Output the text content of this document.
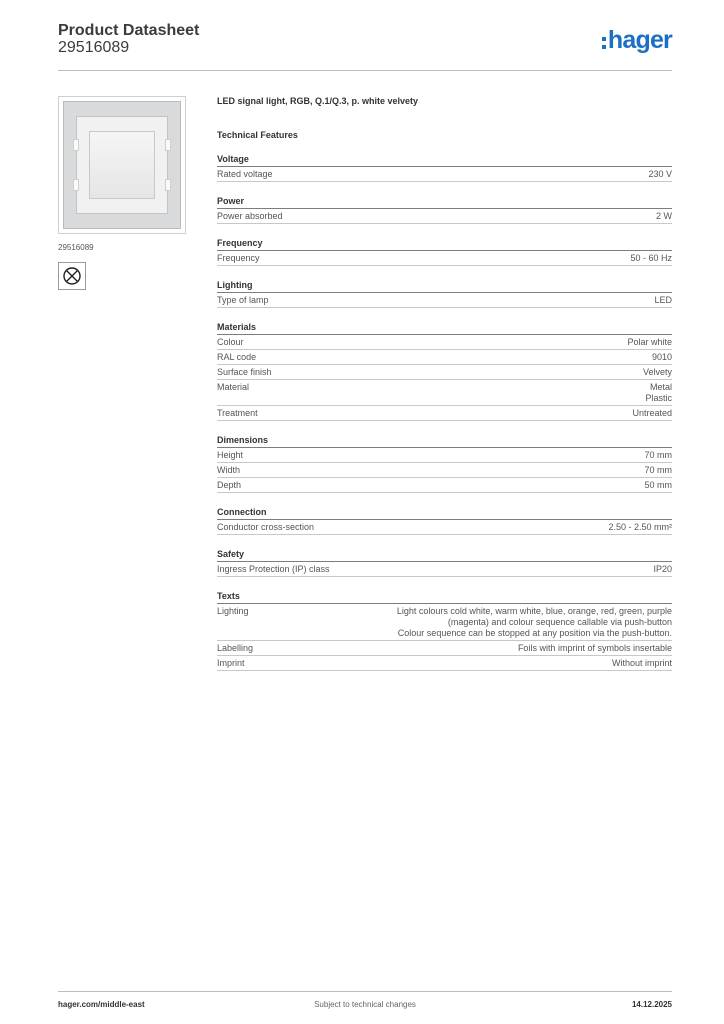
Product Datasheet
29516089	hager
29516089
LED signal light, RGB, Q.1/Q.3, p. white velvety
Technical Features
Voltage
Rated voltage	230 V
Power
Power absorbed	2 W
Frequency
Frequency	50 - 60 Hz
Lighting
Type of lamp	LED
Materials
Colour	Polar white
RAL code	9010
Surface finish	Velvety
Material	Metal
Plastic
Treatment	Untreated
Dimensions
Height	70 mm
Width	70 mm
Depth	50 mm
Connection
Conductor cross-section	2.50 - 2.50 mm²
Safety
Ingress Protection (IP) class	IP20
Texts
Lighting	Light colours cold white, warm white, blue, orange, red, green, purple
(magenta) and colour sequence callable via push-button
Colour sequence can be stopped at any position via the push-button.
Labelling	Foils with imprint of symbols insertable
Imprint	Without imprint
hager.com/middle-east	Subject to technical changes	14.12.2025
